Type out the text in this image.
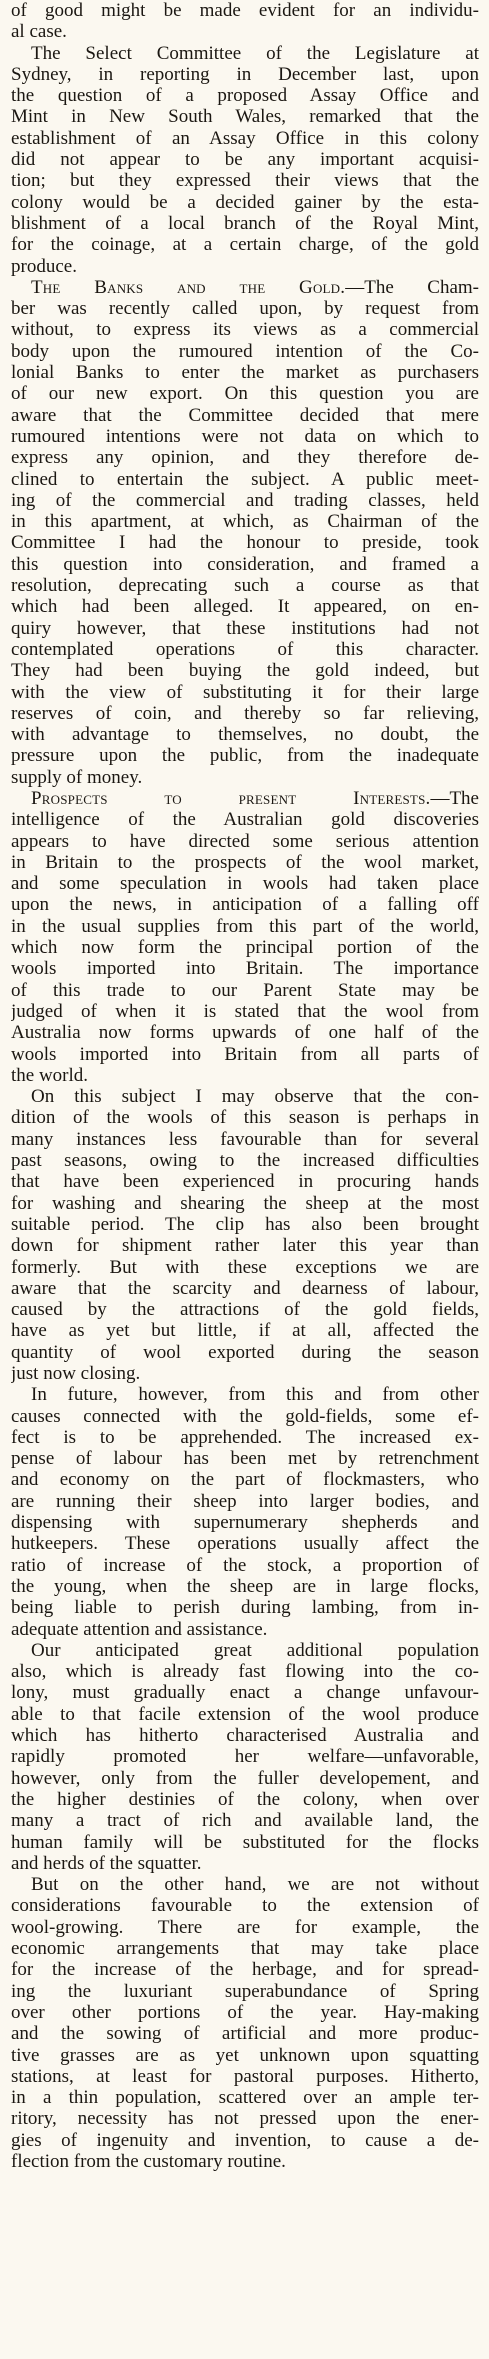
of good might be made evident for an individu-
al case.
The Select Committee of the Legislature at
Sydney, in reporting in December last, upon
the question of a proposed Assay Office and
Mint in New South Wales, remarked that the
establishment of an Assay Office in this colony
did not appear to be any important acquisi-
tion; but they expressed their views that the
colony would be a decided gainer by the esta-
blishment of a local branch of the Royal Mint,
for the coinage, at a certain charge, of the gold
produce.
The Banks and the Gold.—The Cham-
ber was recently called upon, by request from
without, to express its views as a commercial
body upon the rumoured intention of the Co-
lonial Banks to enter the market as purchasers
of our new export. On this question you are
aware that the Committee decided that mere
rumoured intentions were not data on which to
express any opinion, and they therefore de-
clined to entertain the subject. A public meet-
ing of the commercial and trading classes, held
in this apartment, at which, as Chairman of the
Committee I had the honour to preside, took
this question into consideration, and framed a
resolution, deprecating such a course as that
which had been alleged. It appeared, on en-
quiry however, that these institutions had not
contemplated operations of this character.
They had been buying the gold indeed, but
with the view of substituting it for their large
reserves of coin, and thereby so far relieving,
with advantage to themselves, no doubt, the
pressure upon the public, from the inadequate
supply of money.
Prospects to present Interests.—The
intelligence of the Australian gold discoveries
appears to have directed some serious attention
in Britain to the prospects of the wool market,
and some speculation in wools had taken place
upon the news, in anticipation of a falling off
in the usual supplies from this part of the world,
which now form the principal portion of the
wools imported into Britain. The importance
of this trade to our Parent State may be
judged of when it is stated that the wool from
Australia now forms upwards of one half of the
wools imported into Britain from all parts of
the world.
On this subject I may observe that the con-
dition of the wools of this season is perhaps in
many instances less favourable than for several
past seasons, owing to the increased difficulties
that have been experienced in procuring hands
for washing and shearing the sheep at the most
suitable period. The clip has also been brought
down for shipment rather later this year than
formerly. But with these exceptions we are
aware that the scarcity and dearness of labour,
caused by the attractions of the gold fields,
have as yet but little, if at all, affected the
quantity of wool exported during the season
just now closing.
In future, however, from this and from other
causes connected with the gold-fields, some ef-
fect is to be apprehended. The increased ex-
pense of labour has been met by retrenchment
and economy on the part of flockmasters, who
are running their sheep into larger bodies, and
dispensing with supernumerary shepherds and
hutkeepers. These operations usually affect the
ratio of increase of the stock, a proportion of
the young, when the sheep are in large flocks,
being liable to perish during lambing, from in-
adequate attention and assistance.
Our anticipated great additional population
also, which is already fast flowing into the co-
lony, must gradually enact a change unfavour-
able to that facile extension of the wool produce
which has hitherto characterised Australia and
rapidly promoted her welfare—unfavorable,
however, only from the fuller developement, and
the higher destinies of the colony, when over
many a tract of rich and available land, the
human family will be substituted for the flocks
and herds of the squatter.
But on the other hand, we are not without
considerations favourable to the extension of
wool-growing. There are for example, the
economic arrangements that may take place
for the increase of the herbage, and for spread-
ing the luxuriant superabundance of Spring
over other portions of the year. Hay-making
and the sowing of artificial and more produc-
tive grasses are as yet unknown upon squatting
stations, at least for pastoral purposes. Hitherto,
in a thin population, scattered over an ample ter-
ritory, necessity has not pressed upon the ener-
gies of ingenuity and invention, to cause a de-
flection from the customary routine.
